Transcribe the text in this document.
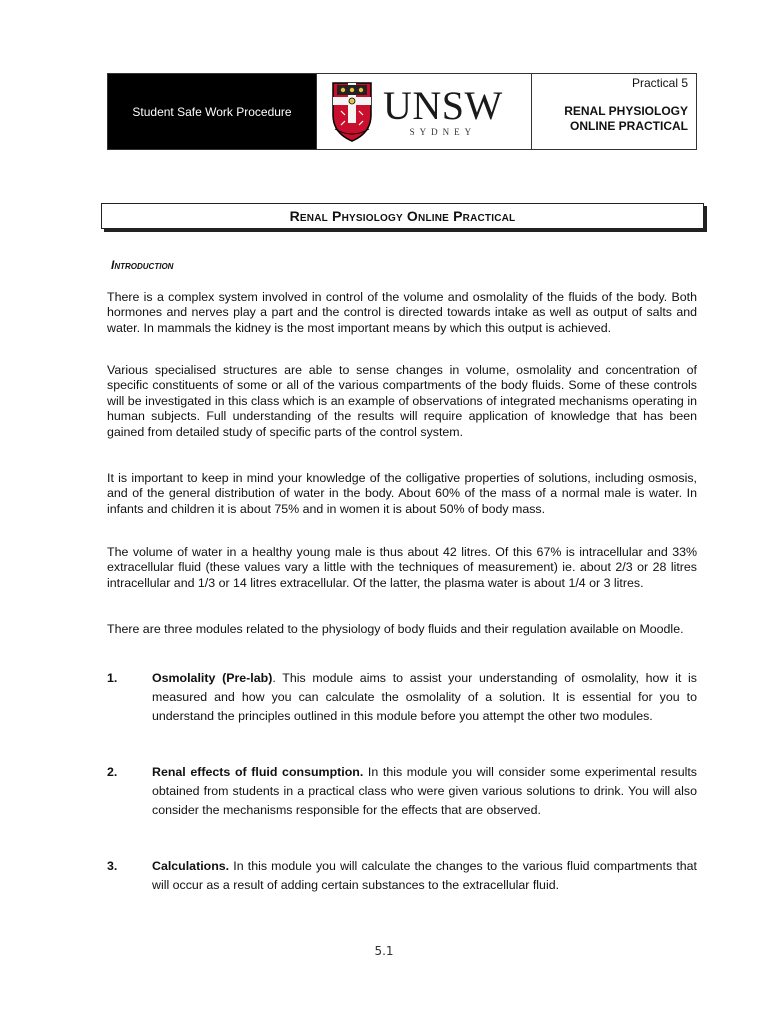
Student Safe Work Procedure UNSW
SYDNEY
Practical 5
RENAL PHYSIOLOGY
ONLINE PRACTICAL
Renal Physiology Online Practical
Introduction

There is a complex system involved in control of the volume and osmolality of the fluids of the body. Both hormones and nerves play a part and the control is directed towards intake as well as output of salts and water. In mammals the kidney is the most important means by which this output is achieved.

Various specialised structures are able to sense changes in volume, osmolality and concentration of specific constituents of some or all of the various compartments of the body fluids. Some of these controls will be investigated in this class which is an example of observations of integrated mechanisms operating in human subjects. Full understanding of the results will require application of knowledge that has been gained from detailed study of specific parts of the control system.

It is important to keep in mind your knowledge of the colligative properties of solutions, including osmosis, and of the general distribution of water in the body. About 60% of the mass of a normal male is water. In infants and children it is about 75% and in women it is about 50% of body mass.

The volume of water in a healthy young male is thus about 42 litres. Of this 67% is intracellular and 33% extracellular fluid (these values vary a little with the techniques of measurement) ie. about 2/3 or 28 litres intracellular and 1/3 or 14 litres extracellular. Of the latter, the plasma water is about 1/4 or 3 litres.

There are three modules related to the physiology of body fluids and their regulation available on Moodle.

1.	Osmolality (Pre-lab). This module aims to assist your understanding of osmolality, how it is measured and how you can calculate the osmolality of a solution. It is essential for you to understand the principles outlined in this module before you attempt the other two modules.
2.	Renal effects of fluid consumption. In this module you will consider some experimental results obtained from students in a practical class who were given various solutions to drink. You will also consider the mechanisms responsible for the effects that are observed.
3.	Calculations. In this module you will calculate the changes to the various fluid compartments that will occur as a result of adding certain substances to the extracellular fluid.
5.1
